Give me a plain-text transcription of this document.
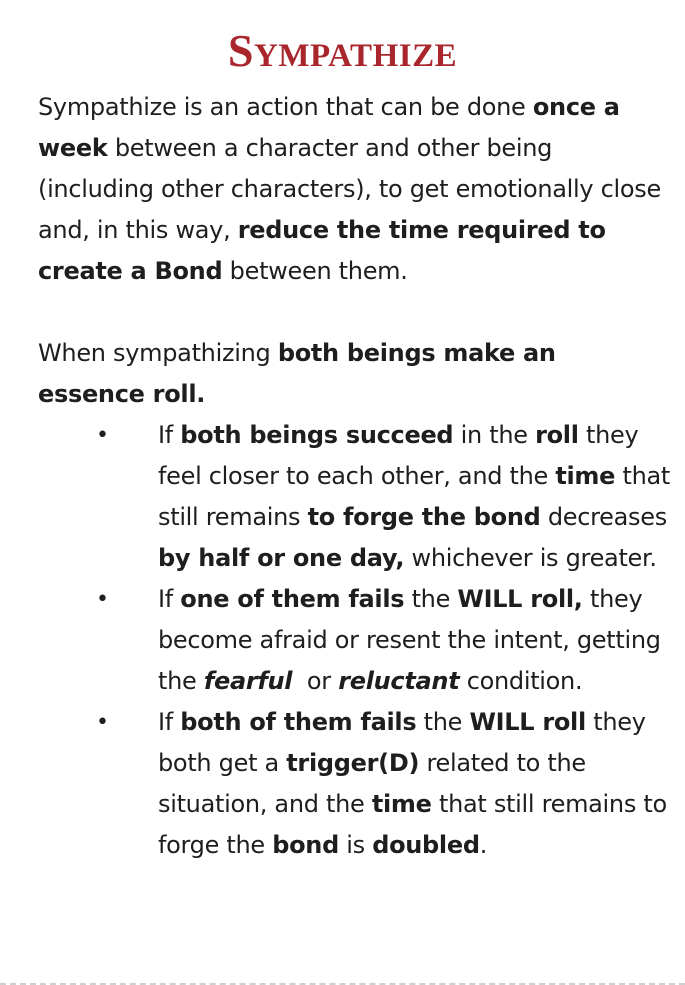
SYMPATHIZE

Sympathize is an action that can be done once a week between a character and other being (including other characters), to get emotionally close and, in this way, reduce the time required to create a Bond between them.

When sympathizing both beings make an essence roll.

• If both beings succeed in the roll they feel closer to each other, and the time that still remains to forge the bond decreases by half or one day, whichever is greater.
• If one of them fails the WILL roll, they become afraid or resent the intent, getting the fearful  or reluctant condition.
• If both of them fails the WILL roll they both get a trigger(D) related to the situation, and the time that still remains to forge the bond is doubled.
